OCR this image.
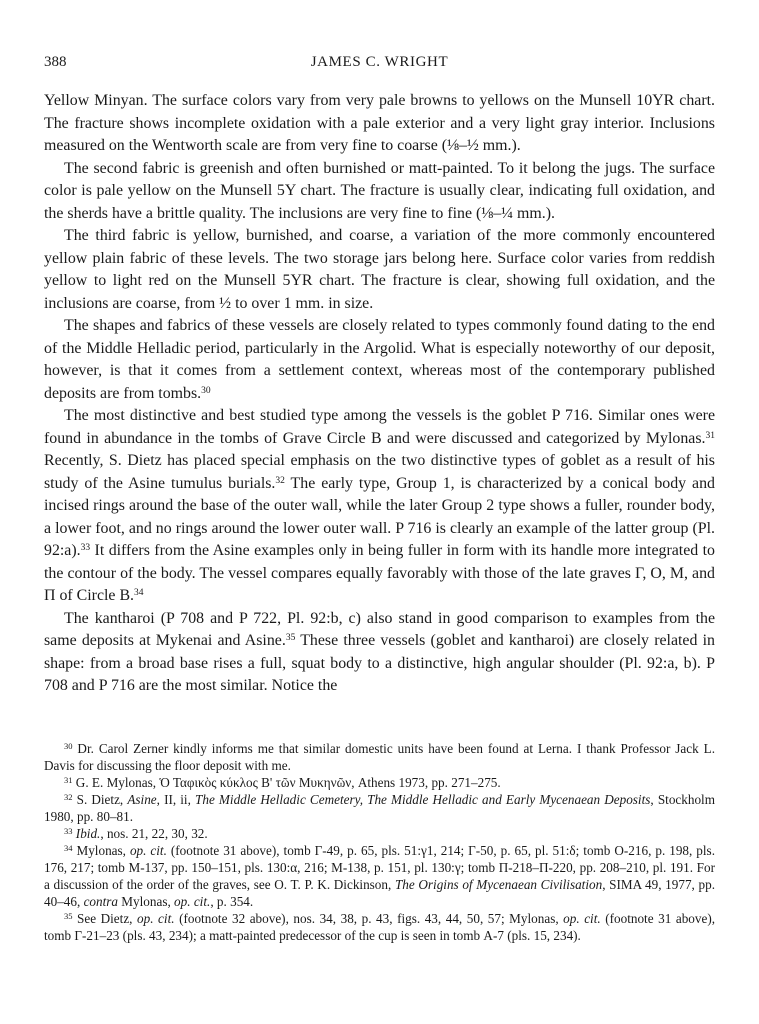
388	JAMES C. WRIGHT

Yellow Minyan. The surface colors vary from very pale browns to yellows on the Munsell 10YR chart. The fracture shows incomplete oxidation with a pale exterior and a very light gray interior. Inclusions measured on the Wentworth scale are from very fine to coarse (⅛–½ mm.).

The second fabric is greenish and often burnished or matt-painted. To it belong the jugs. The surface color is pale yellow on the Munsell 5Y chart. The fracture is usually clear, indicating full oxidation, and the sherds have a brittle quality. The inclusions are very fine to fine (⅛–¼ mm.).

The third fabric is yellow, burnished, and coarse, a variation of the more commonly encountered yellow plain fabric of these levels. The two storage jars belong here. Surface color varies from reddish yellow to light red on the Munsell 5YR chart. The fracture is clear, showing full oxidation, and the inclusions are coarse, from ½ to over 1 mm. in size.

The shapes and fabrics of these vessels are closely related to types commonly found dating to the end of the Middle Helladic period, particularly in the Argolid. What is especially noteworthy of our deposit, however, is that it comes from a settlement context, whereas most of the contemporary published deposits are from tombs.$^{30}$

The most distinctive and best studied type among the vessels is the goblet P 716. Similar ones were found in abundance in the tombs of Grave Circle B and were discussed and categorized by Mylonas.$^{31}$ Recently, S. Dietz has placed special emphasis on the two distinctive types of goblet as a result of his study of the Asine tumulus burials.$^{32}$ The early type, Group 1, is characterized by a conical body and incised rings around the base of the outer wall, while the later Group 2 type shows a fuller, rounder body, a lower foot, and no rings around the lower outer wall. P 716 is clearly an example of the latter group (Pl. 92:a).$^{33}$ It differs from the Asine examples only in being fuller in form with its handle more integrated to the contour of the body. The vessel compares equally favorably with those of the late graves Γ, Ο, Μ, and Π of Circle B.$^{34}$

The kantharoi (P 708 and P 722, Pl. 92:b, c) also stand in good comparison to examples from the same deposits at Mykenai and Asine.$^{35}$ These three vessels (goblet and kantharoi) are closely related in shape: from a broad base rises a full, squat body to a distinctive, high angular shoulder (Pl. 92:a, b). P 708 and P 716 are the most similar. Notice the

$^{30}$ Dr. Carol Zerner kindly informs me that similar domestic units have been found at Lerna. I thank Professor Jack L. Davis for discussing the floor deposit with me.

$^{31}$ G. E. Mylonas, Ὁ Ταφικὸς κύκλος Β' τῶν Μυκηνῶν, Athens 1973, pp. 271–275.

$^{32}$ S. Dietz, Asine, II, ii, The Middle Helladic Cemetery, The Middle Helladic and Early Mycenaean Deposits, Stockholm 1980, pp. 80–81.

$^{33}$ Ibid., nos. 21, 22, 30, 32.

$^{34}$ Mylonas, op. cit. (footnote 31 above), tomb Γ-49, p. 65, pls. 51:γ1, 214; Γ-50, p. 65, pl. 51:δ; tomb Ο-216, p. 198, pls. 176, 217; tomb Μ-137, pp. 150–151, pls. 130:α, 216; Μ-138, p. 151, pl. 130:γ; tomb Π-218–Π-220, pp. 208–210, pl. 191. For a discussion of the order of the graves, see O. T. P. K. Dickinson, The Origins of Mycenaean Civilisation, SIMA 49, 1977, pp. 40–46, contra Mylonas, op. cit., p. 354.

$^{35}$ See Dietz, op. cit. (footnote 32 above), nos. 34, 38, p. 43, figs. 43, 44, 50, 57; Mylonas, op. cit. (footnote 31 above), tomb Γ-21–23 (pls. 43, 234); a matt-painted predecessor of the cup is seen in tomb Α-7 (pls. 15, 234).
